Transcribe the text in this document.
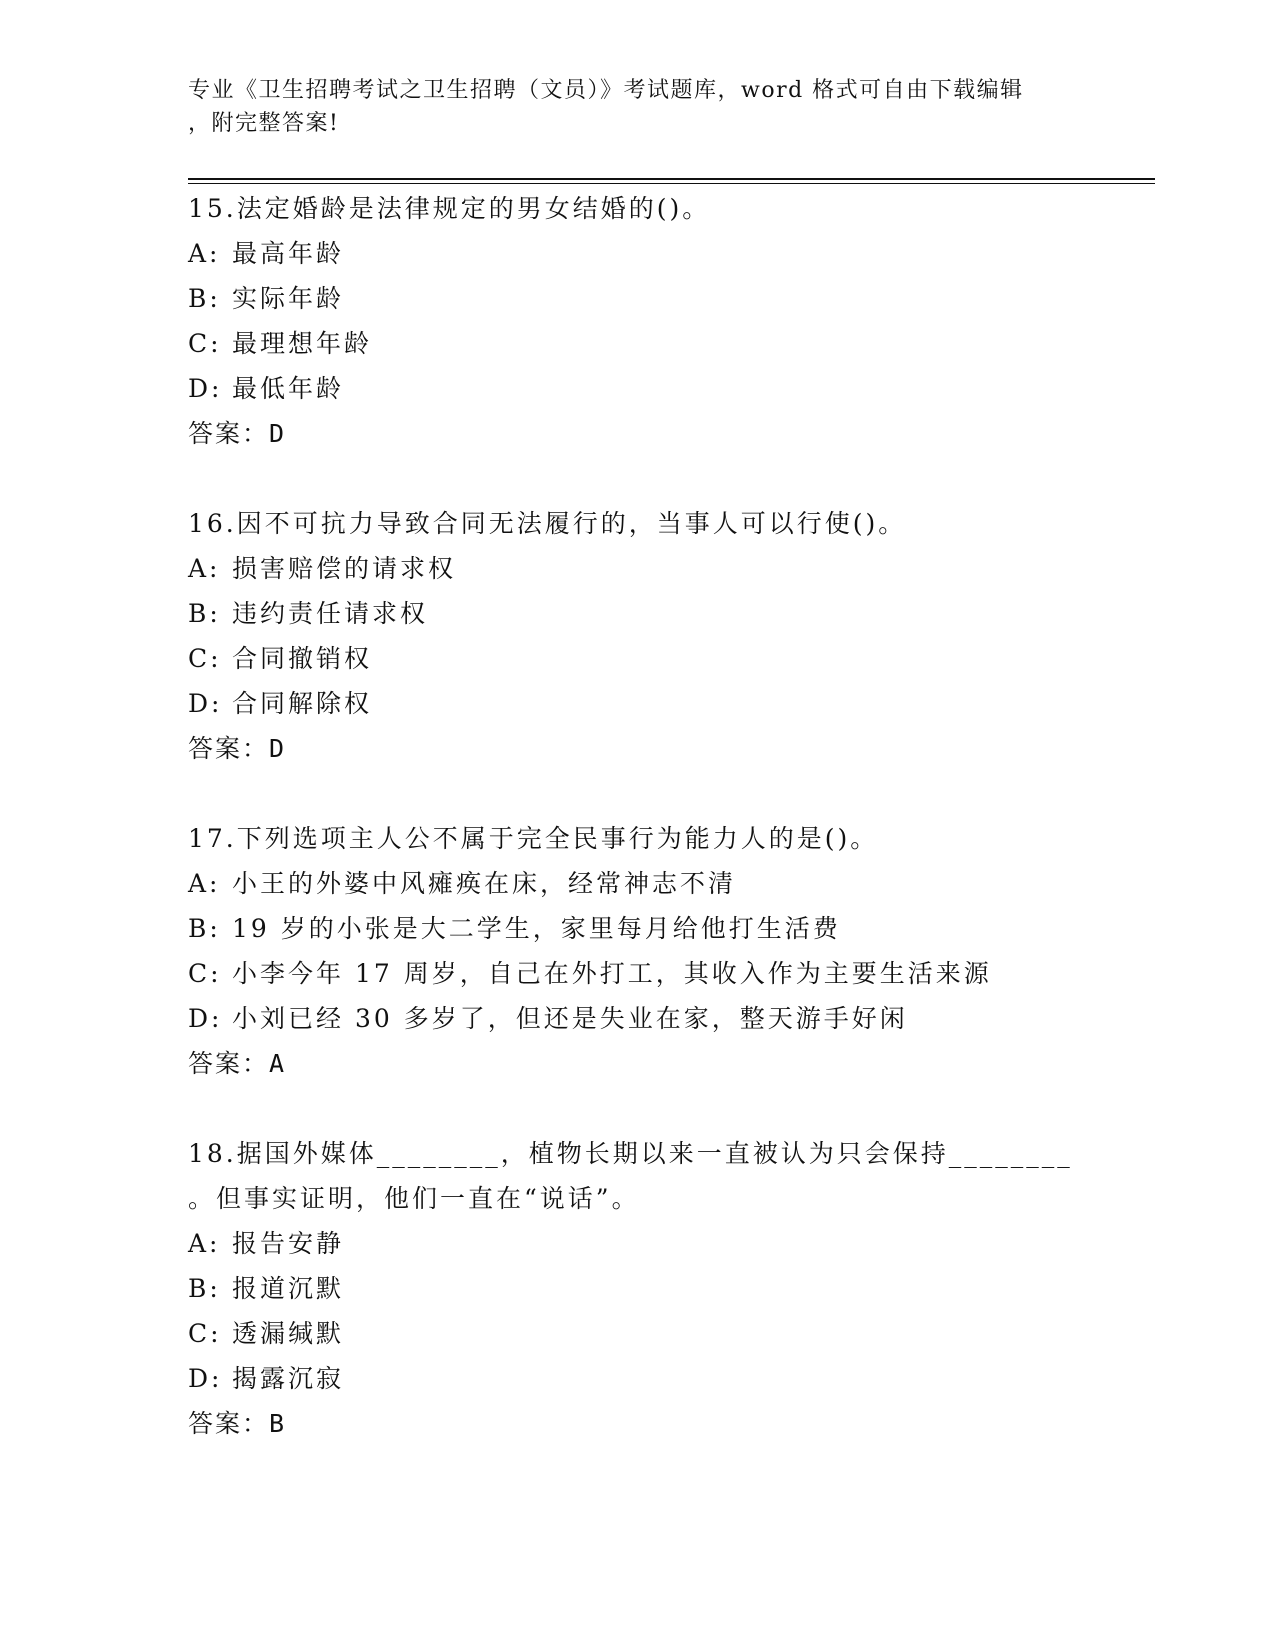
专业《卫生招聘考试之卫生招聘（文员）》考试题库，word 格式可自由下载编辑
，附完整答案!
15.法定婚龄是法律规定的男女结婚的()。
A: 最高年龄
B: 实际年龄
C: 最理想年龄
D: 最低年龄
答案：D
16.因不可抗力导致合同无法履行的，当事人可以行使()。
A: 损害赔偿的请求权
B: 违约责任请求权
C: 合同撤销权
D: 合同解除权
答案：D
17.下列选项主人公不属于完全民事行为能力人的是()。
A: 小王的外婆中风瘫痪在床，经常神志不清
B: 19 岁的小张是大二学生，家里每月给他打生活费
C: 小李今年 17 周岁，自己在外打工，其收入作为主要生活来源
D: 小刘已经 30 多岁了，但还是失业在家，整天游手好闲
答案：A
18.据国外媒体________，植物长期以来一直被认为只会保持________
。但事实证明，他们一直在“说话”。
A: 报告安静
B: 报道沉默
C: 透漏缄默
D: 揭露沉寂
答案：B
